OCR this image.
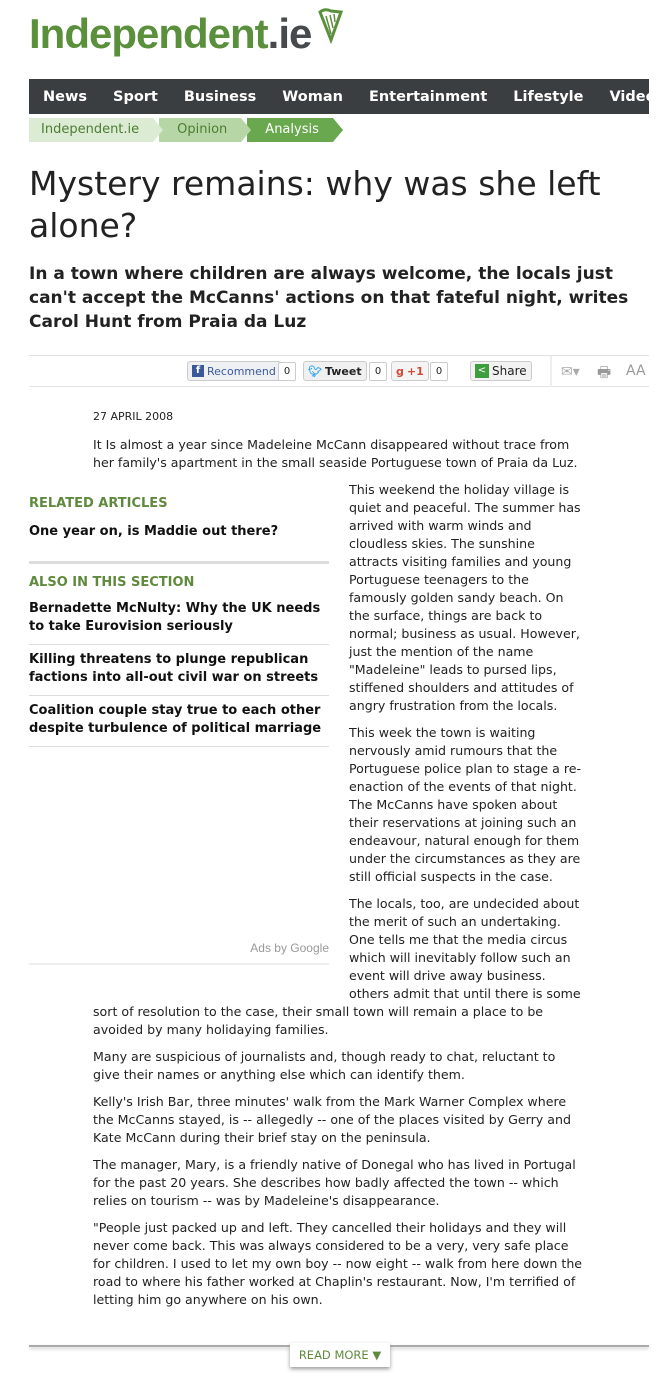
Independent.ie
News Sport Business Woman Entertainment Lifestyle Videos
Independent.ie	Opinion	Analysis
Mystery remains: why was she left alone?
In a town where children are always welcome, the locals just can't accept the McCanns' actions on that fateful night, writes Carol Hunt from Praia da Luz
f Recommend 0	🐦︎ Tweet	0	g +1	0	< Share ✉▾ 🖶︎ AA
27 APRIL 2008

It Is almost a year since Madeleine McCann disappeared without trace from her family's apartment in the small seaside Portuguese town of Praia da Luz.

RELATED ARTICLES
One year on, is Maddie out there?
ALSO IN THIS SECTION
Bernadette McNulty: Why the UK needs to take Eurovision seriously
Killing threatens to plunge republican factions into all-out civil war on streets
Coalition couple stay true to each other despite turbulence of political marriage
Ads by Google

This weekend the holiday village is quiet and peaceful. The summer has arrived with warm winds and cloudless skies. The sunshine attracts visiting families and young Portuguese teenagers to the famously golden sandy beach. On the surface, things are back to normal; business as usual. However, just the mention of the name "Madeleine" leads to pursed lips, stiffened shoulders and attitudes of angry frustration from the locals.

This week the town is waiting nervously amid rumours that the Portuguese police plan to stage a re-enaction of the events of that night. The McCanns have spoken about their reservations at joining such an endeavour, natural enough for them under the circumstances as they are still official suspects in the case.

The locals, too, are undecided about the merit of such an undertaking. One tells me that the media circus which will inevitably follow such an event will drive away business. others admit that until there is some sort of resolution to the case, their small town will remain a place to be avoided by many holidaying families.

Many are suspicious of journalists and, though ready to chat, reluctant to give their names or anything else which can identify them.

Kelly's Irish Bar, three minutes' walk from the Mark Warner Complex where the McCanns stayed, is -- allegedly -- one of the places visited by Gerry and Kate McCann during their brief stay on the peninsula.

The manager, Mary, is a friendly native of Donegal who has lived in Portugal for the past 20 years. She describes how badly affected the town -- which relies on tourism -- was by Madeleine's disappearance.

"People just packed up and left. They cancelled their holidays and they will never come back. This was always considered to be a very, very safe place for children. I used to let my own boy -- now eight -- walk from here down the road to where his father worked at Chaplin's restaurant. Now, I'm terrified of letting him go anywhere on his own.

READ MORE ▼
